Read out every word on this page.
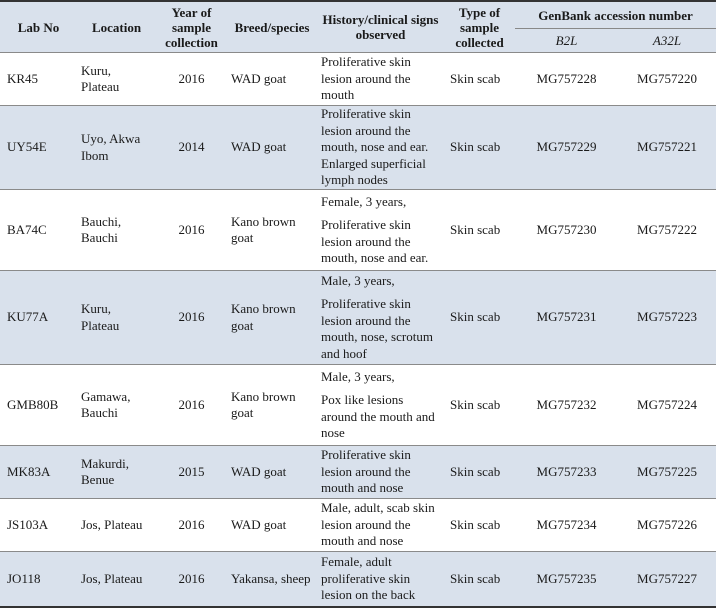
Lab No	Location	Year of sample collection	Breed/species	History/clinical signs observed	Type of sample collected	GenBank accession number	
						B2L	A32L
KR45	Kuru, Plateau	2016	WAD goat	Proliferative skin lesion around the mouth	Skin scab	MG757228	MG757220
UY54E	Uyo, Akwa Ibom	2014	WAD goat	Proliferative skin lesion around the mouth, nose and ear. Enlarged superficial lymph nodes	Skin scab	MG757229	MG757221
BA74C	Bauchi, Bauchi	2016	Kano brown goat	Female, 3 years,
Proliferative skin lesion around the mouth, nose and ear.	Skin scab	MG757230	MG757222
KU77A	Kuru, Plateau	2016	Kano brown goat	Male, 3 years,
Proliferative skin lesion around the mouth, nose, scrotum and hoof	Skin scab	MG757231	MG757223
GMB80B	Gamawa, Bauchi	2016	Kano brown goat	Male, 3 years,
Pox like lesions around the mouth and nose	Skin scab	MG757232	MG757224
MK83A	Makurdi, Benue	2015	WAD goat	Proliferative skin lesion around the mouth and nose	Skin scab	MG757233	MG757225
JS103A	Jos, Plateau	2016	WAD goat	Male, adult, scab skin lesion around the mouth and nose	Skin scab	MG757234	MG757226
JO118	Jos, Plateau	2016	Yakansa, sheep	Female, adult proliferative skin lesion on the back	Skin scab	MG757235	MG757227
